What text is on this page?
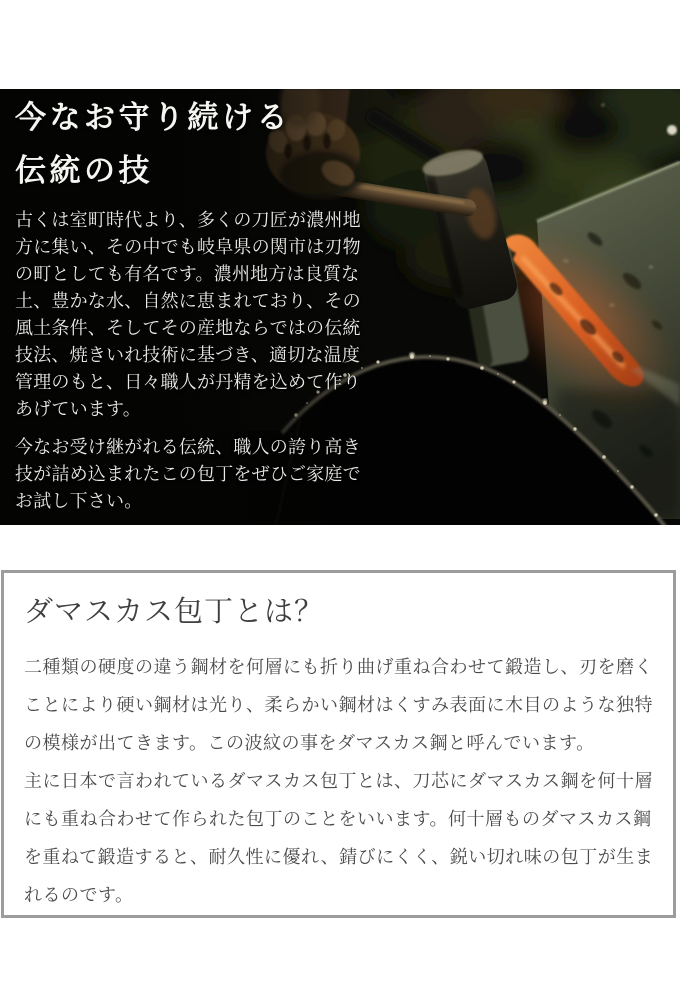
今なお守り続ける
伝統の技

古くは室町時代より、多くの刀匠が濃州地方に集い、その中でも岐阜県の関市は刃物の町としても有名です。濃州地方は良質な土、豊かな水、自然に恵まれており、その風土条件、そしてその産地ならではの伝統技法、焼きいれ技術に基づき、適切な温度管理のもと、日々職人が丹精を込めて作りあげています。

今なお受け継がれる伝統、職人の誇り高き技が詰め込まれたこの包丁をぜひご家庭でお試し下さい。

ダマスカス包丁とは？

二種類の硬度の違う鋼材を何層にも折り曲げ重ね合わせて鍛造し、刃を磨くことにより硬い鋼材は光り、柔らかい鋼材はくすみ表面に木目のような独特の模様が出てきます。この波紋の事をダマスカス鋼と呼んでいます。

主に日本で言われているダマスカス包丁とは、刀芯にダマスカス鋼を何十層にも重ね合わせて作られた包丁のことをいいます。何十層ものダマスカス鋼を重ねて鍛造すると、耐久性に優れ、錆びにくく、鋭い切れ味の包丁が生まれるのです。
